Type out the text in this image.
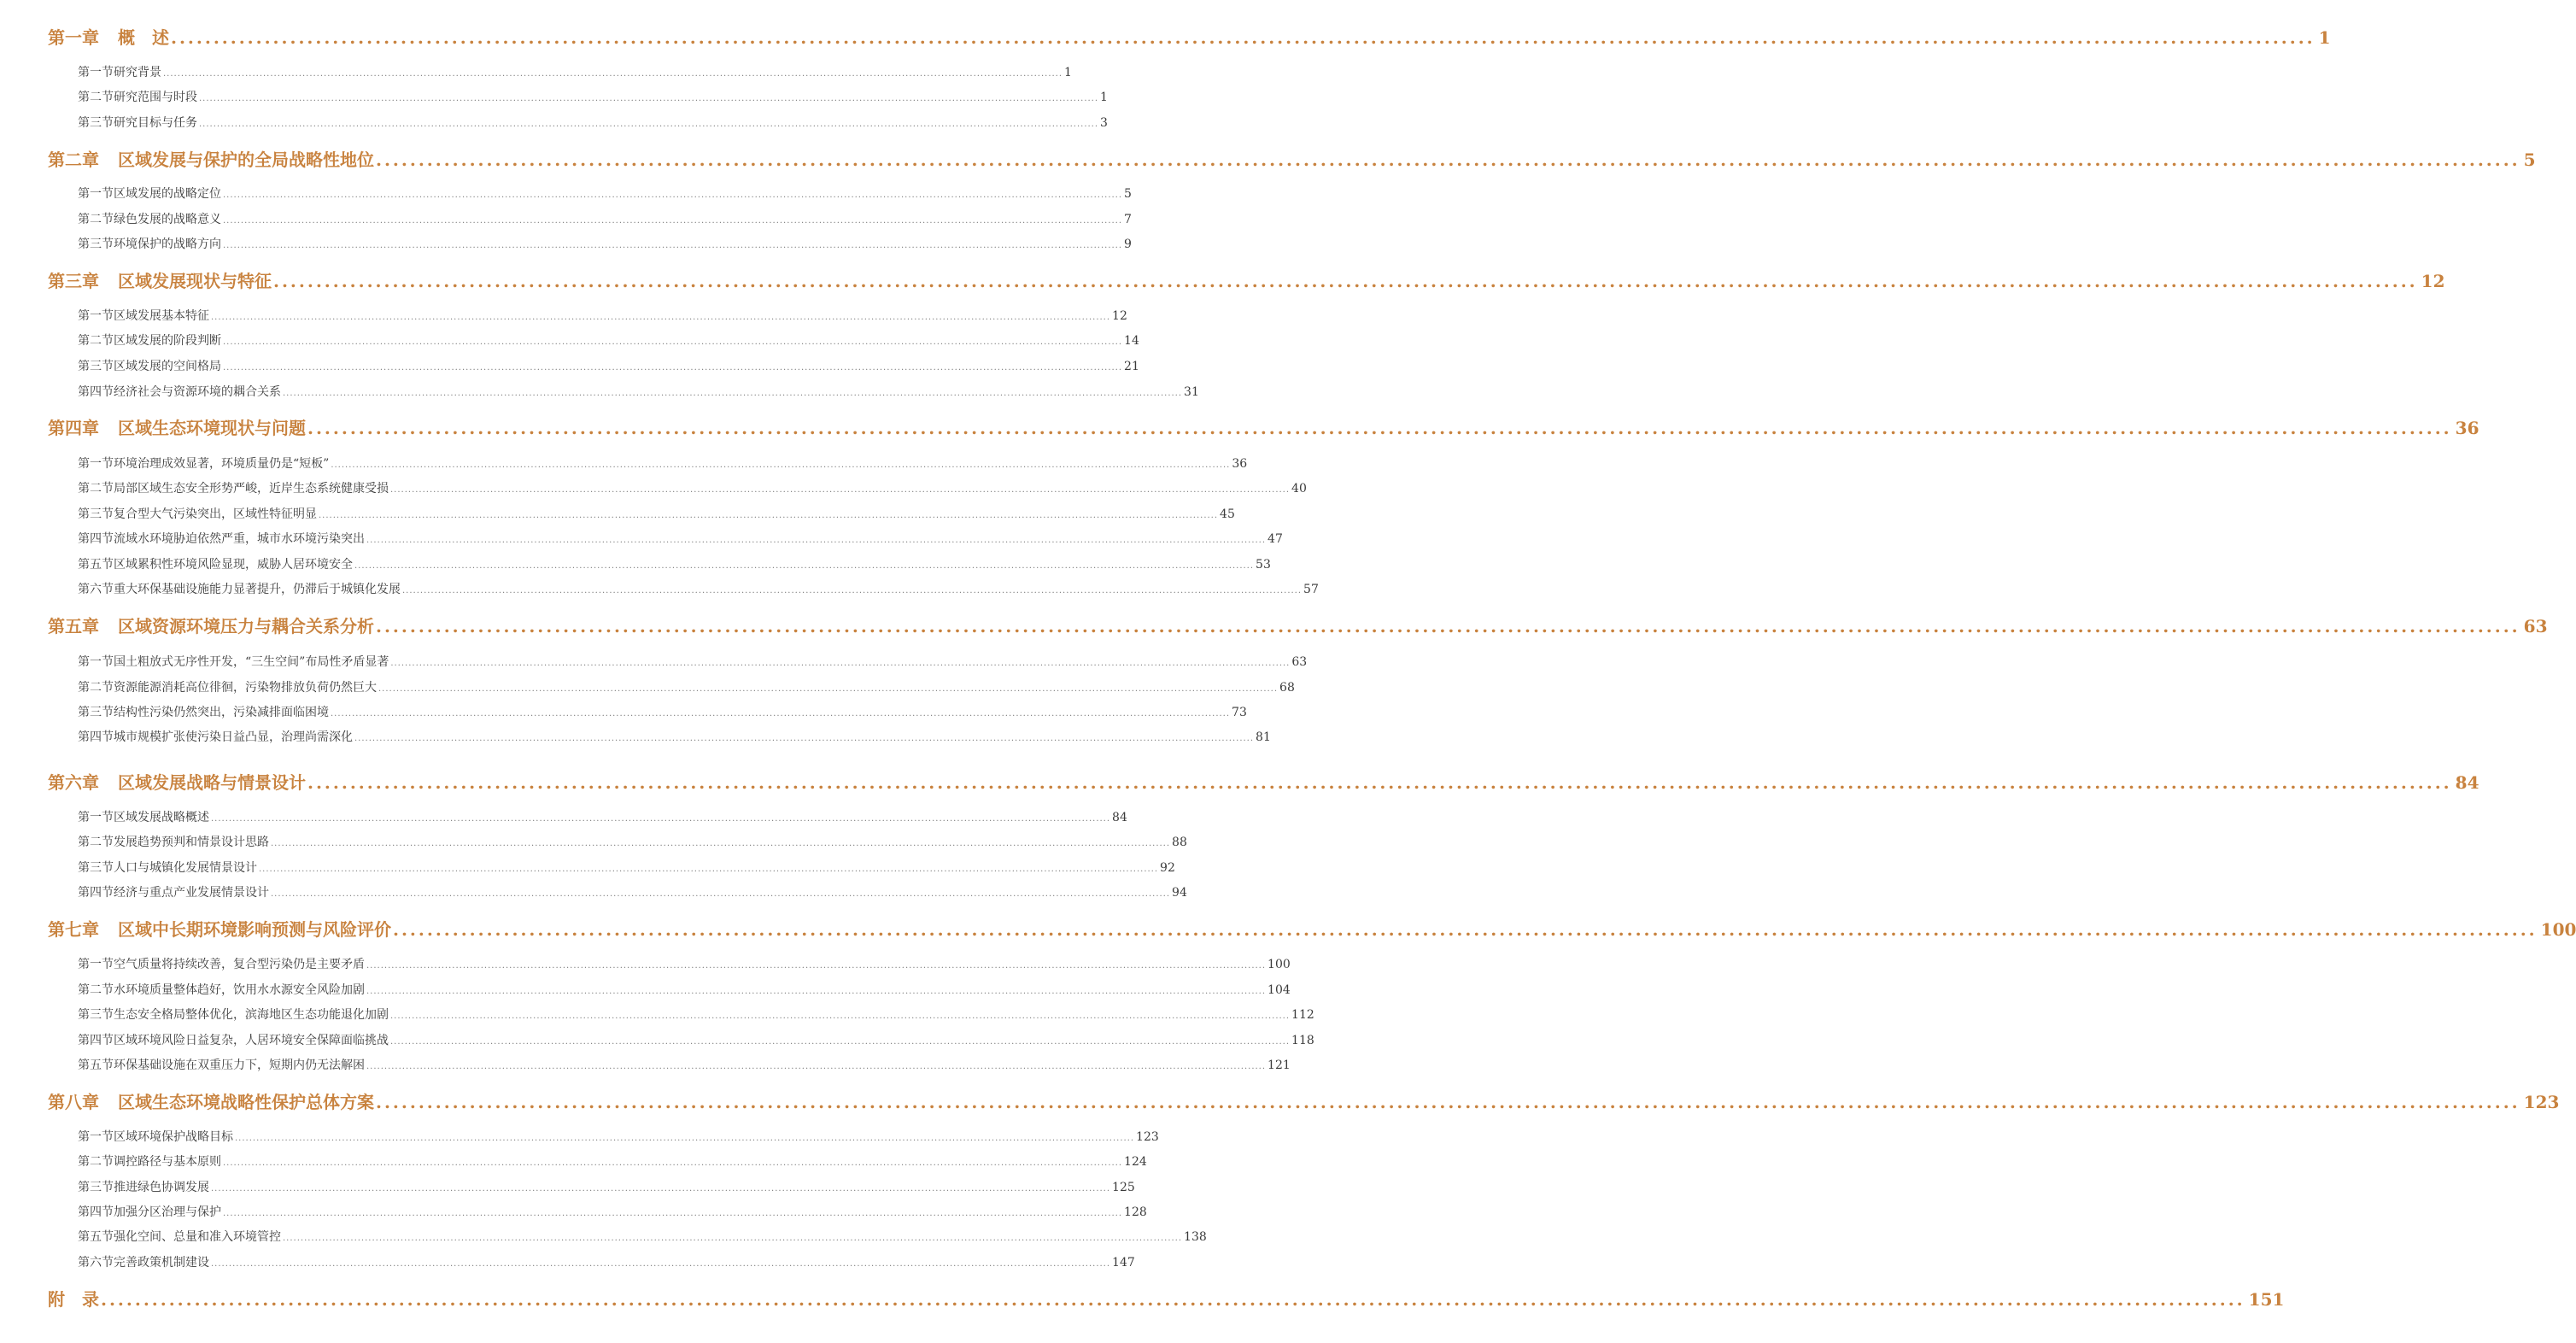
第一章 概　述 ............................................................................................................................................................................................................................................................ 1
第一节 研究背景 ............................................................................................................................................................................................................................................................ 1
第二节 研究范围与时段 ............................................................................................................................................................................................................................................................ 1
第三节 研究目标与任务 ............................................................................................................................................................................................................................................................ 3
第二章 区域发展与保护的全局战略性地位 ............................................................................................................................................................................................................................................................ 5
第一节 区域发展的战略定位 ............................................................................................................................................................................................................................................................ 5
第二节 绿色发展的战略意义 ............................................................................................................................................................................................................................................................ 7
第三节 环境保护的战略方向 ............................................................................................................................................................................................................................................................ 9
第三章 区域发展现状与特征 ............................................................................................................................................................................................................................................................ 12
第一节 区域发展基本特征 ............................................................................................................................................................................................................................................................ 12
第二节 区域发展的阶段判断 ............................................................................................................................................................................................................................................................ 14
第三节 区域发展的空间格局 ............................................................................................................................................................................................................................................................ 21
第四节 经济社会与资源环境的耦合关系 ............................................................................................................................................................................................................................................................ 31
第四章 区域生态环境现状与问题 ............................................................................................................................................................................................................................................................ 36
第一节 环境治理成效显著，环境质量仍是“短板” ............................................................................................................................................................................................................................................................ 36
第二节 局部区域生态安全形势严峻，近岸生态系统健康受损 ............................................................................................................................................................................................................................................................ 40
第三节 复合型大气污染突出，区域性特征明显 ............................................................................................................................................................................................................................................................ 45
第四节 流域水环境胁迫依然严重，城市水环境污染突出 ............................................................................................................................................................................................................................................................ 47
第五节 区域累积性环境风险显现，威胁人居环境安全 ............................................................................................................................................................................................................................................................ 53
第六节 重大环保基础设施能力显著提升，仍滞后于城镇化发展 ............................................................................................................................................................................................................................................................ 57
第五章 区域资源环境压力与耦合关系分析 ............................................................................................................................................................................................................................................................ 63
第一节 国土粗放式无序性开发，“三生空间”布局性矛盾显著 ............................................................................................................................................................................................................................................................ 63
第二节 资源能源消耗高位徘徊，污染物排放负荷仍然巨大 ............................................................................................................................................................................................................................................................ 68
第三节 结构性污染仍然突出，污染减排面临困境 ............................................................................................................................................................................................................................................................ 73
第四节 城市规模扩张使污染日益凸显，治理尚需深化 ............................................................................................................................................................................................................................................................ 81
第六章 区域发展战略与情景设计 ............................................................................................................................................................................................................................................................ 84
第一节 区域发展战略概述 ............................................................................................................................................................................................................................................................ 84
第二节 发展趋势预判和情景设计思路 ............................................................................................................................................................................................................................................................ 88
第三节 人口与城镇化发展情景设计 ............................................................................................................................................................................................................................................................ 92
第四节 经济与重点产业发展情景设计 ............................................................................................................................................................................................................................................................ 94
第七章 区域中长期环境影响预测与风险评价 ............................................................................................................................................................................................................................................................ 100
第一节 空气质量将持续改善，复合型污染仍是主要矛盾 ............................................................................................................................................................................................................................................................ 100
第二节 水环境质量整体趋好，饮用水水源安全风险加剧 ............................................................................................................................................................................................................................................................ 104
第三节 生态安全格局整体优化，滨海地区生态功能退化加剧 ............................................................................................................................................................................................................................................................ 112
第四节 区域环境风险日益复杂，人居环境安全保障面临挑战 ............................................................................................................................................................................................................................................................ 118
第五节 环保基础设施在双重压力下，短期内仍无法解困 ............................................................................................................................................................................................................................................................ 121
第八章 区域生态环境战略性保护总体方案 ............................................................................................................................................................................................................................................................ 123
第一节 区域环境保护战略目标 ............................................................................................................................................................................................................................................................ 123
第二节 调控路径与基本原则 ............................................................................................................................................................................................................................................................ 124
第三节 推进绿色协调发展 ............................................................................................................................................................................................................................................................ 125
第四节 加强分区治理与保护 ............................................................................................................................................................................................................................................................ 128
第五节 强化空间、总量和准入环境管控 ............................................................................................................................................................................................................................................................ 138
第六节 完善政策机制建设 ............................................................................................................................................................................................................................................................ 147
附　录 ............................................................................................................................................................................................................................................................ 151
